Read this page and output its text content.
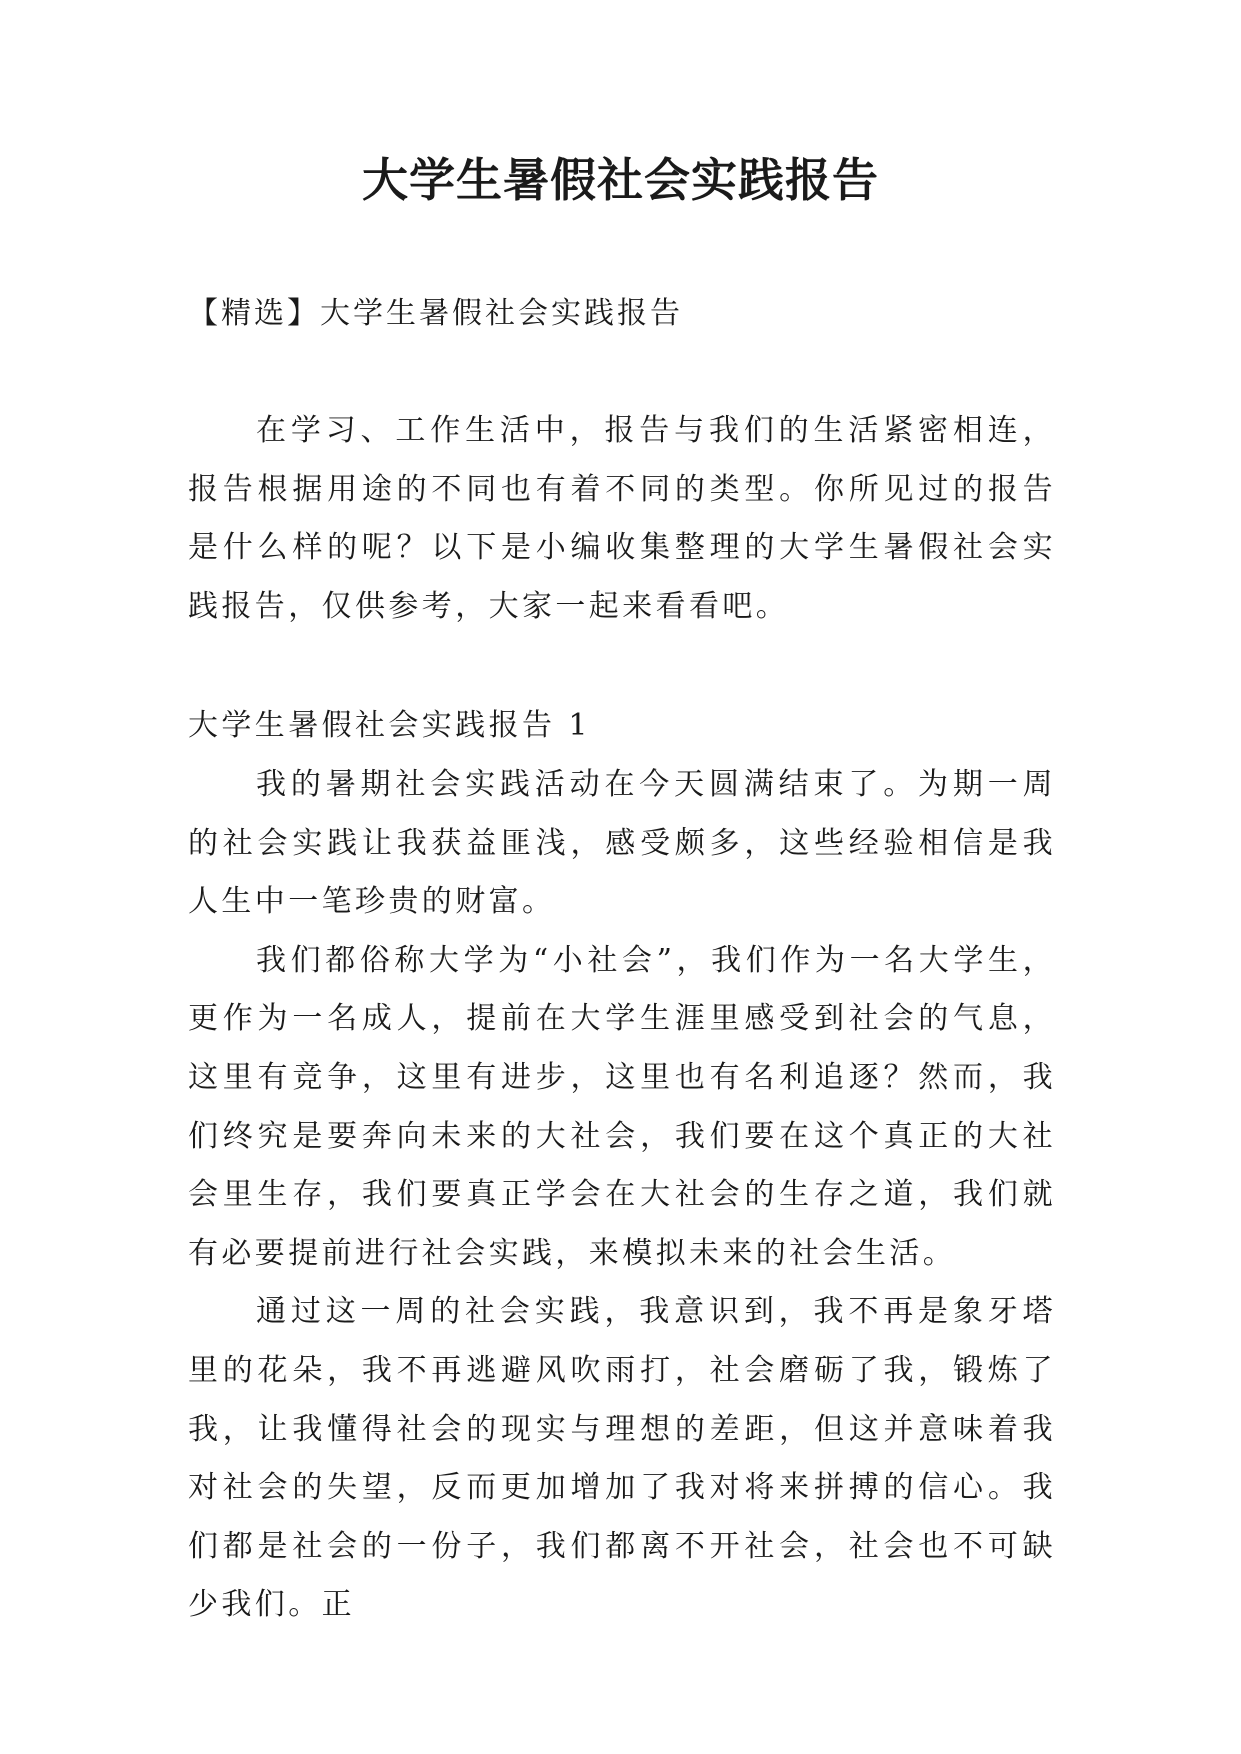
大学生暑假社会实践报告

【精选】大学生暑假社会实践报告

在学习、工作生活中，报告与我们的生活紧密相连，报告根据用途的不同也有着不同的类型。你所见过的报告是什么样的呢？以下是小编收集整理的大学生暑假社会实践报告，仅供参考，大家一起来看看吧。

大学生暑假社会实践报告 1

我的暑期社会实践活动在今天圆满结束了。为期一周的社会实践让我获益匪浅，感受颇多，这些经验相信是我人生中一笔珍贵的财富。

我们都俗称大学为“小社会”，我们作为一名大学生，更作为一名成人，提前在大学生涯里感受到社会的气息，这里有竞争，这里有进步，这里也有名利追逐？然而，我们终究是要奔向未来的大社会，我们要在这个真正的大社会里生存，我们要真正学会在大社会的生存之道，我们就有必要提前进行社会实践，来模拟未来的社会生活。

通过这一周的社会实践，我意识到，我不再是象牙塔里的花朵，我不再逃避风吹雨打，社会磨砺了我，锻炼了我，让我懂得社会的现实与理想的差距，但这并意味着我对社会的失望，反而更加增加了我对将来拼搏的信心。我们都是社会的一份子，我们都离不开社会，社会也不可缺少我们。正
